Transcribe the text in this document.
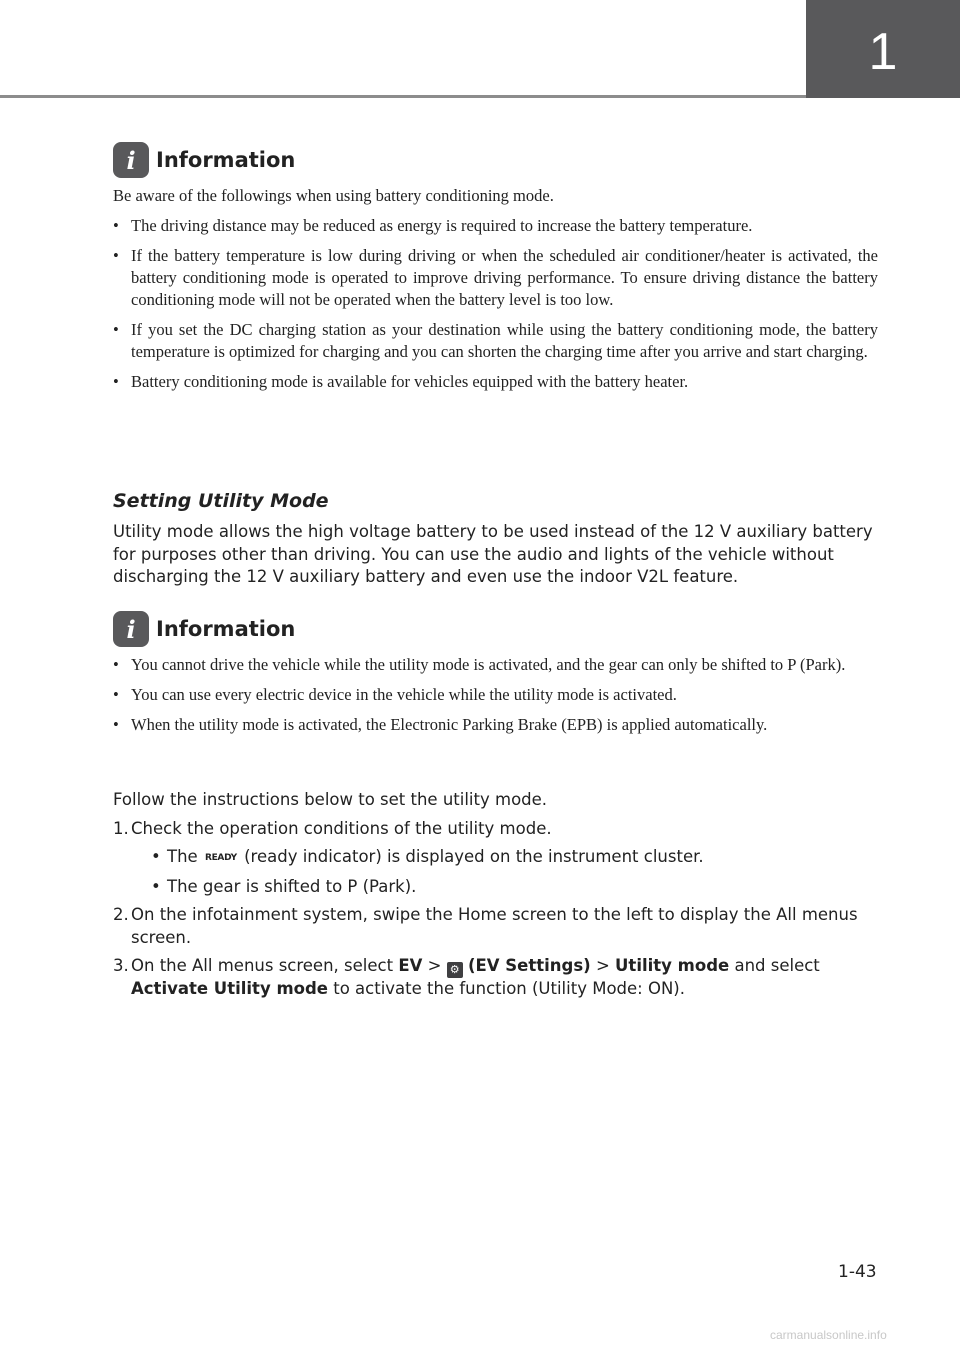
1
i Information

Be aware of the followings when using battery conditioning mode.

• The driving distance may be reduced as energy is required to increase the battery temperature.
• If the battery temperature is low during driving or when the scheduled air conditioner/heater is activated, the battery conditioning mode is operated to improve driving performance. To ensure driving distance the battery conditioning mode will not be operated when the battery level is too low.
• If you set the DC charging station as your destination while using the battery conditioning mode, the battery temperature is optimized for charging and you can shorten the charging time after you arrive and start charging.
• Battery conditioning mode is available for vehicles equipped with the battery heater.
Setting Utility Mode

Utility mode allows the high voltage battery to be used instead of the 12 V auxiliary battery for purposes other than driving. You can use the audio and lights of the vehicle without discharging the 12 V auxiliary battery and even use the indoor V2L feature.

i Information
• You cannot drive the vehicle while the utility mode is activated, and the gear can only be shifted to P (Park).
• You can use every electric device in the vehicle while the utility mode is activated.
• When the utility mode is activated, the Electronic Parking Brake (EPB) is applied automatically.

Follow the instructions below to set the utility mode.

1. Check the operation conditions of the utility mode.
• The READY (ready indicator) is displayed on the instrument cluster.
• The gear is shifted to P (Park).
2. On the infotainment system, swipe the Home screen to the left to display the All menus screen.
3. On the All menus screen, select EV > ⚙ (EV Settings) > Utility mode and select Activate Utility mode to activate the function (Utility Mode: ON).
1-43
carmanualsonline.info
